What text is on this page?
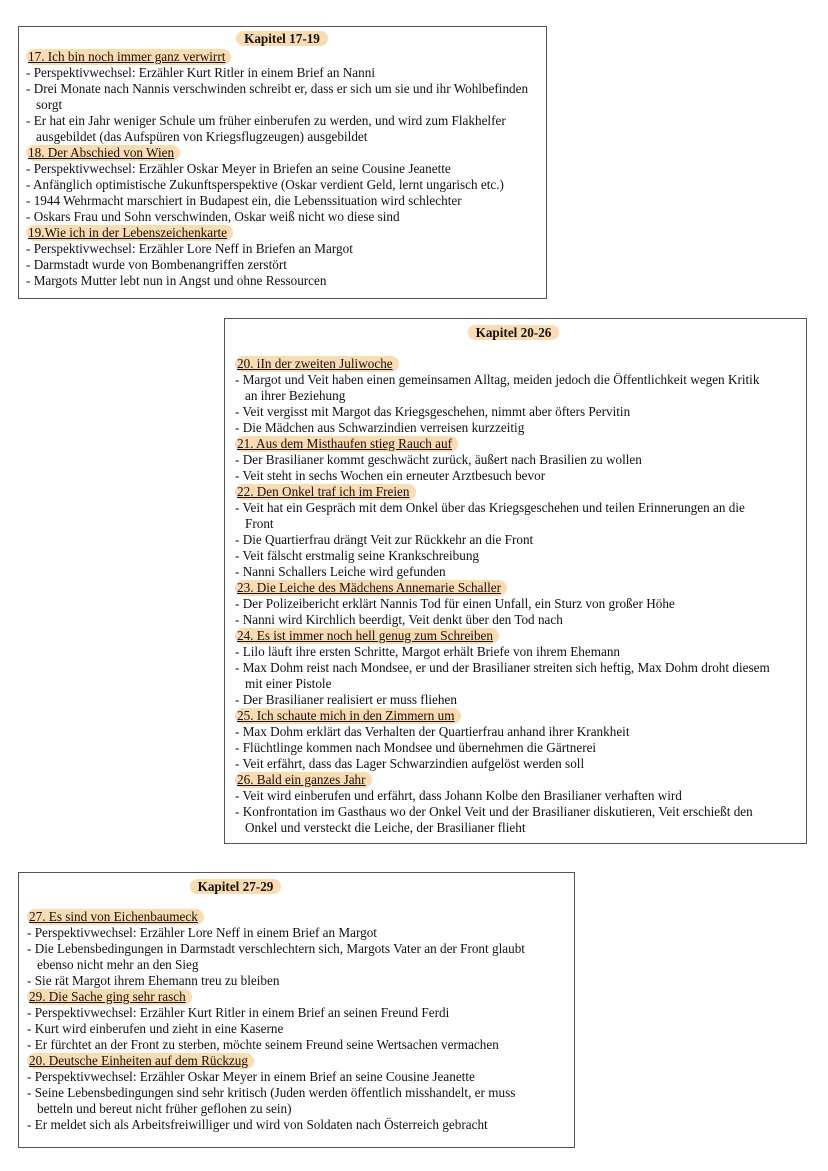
Kapitel 17-19
17. Ich bin noch immer ganz verwirrt
- Perspektivwechsel: Erzähler Kurt Ritler in einem Brief an Nanni
- Drei Monate nach Nannis verschwinden schreibt er, dass er sich um sie und ihr Wohlbefinden sorgt
- Er hat ein Jahr weniger Schule um früher einberufen zu werden, und wird zum Flakhelfer ausgebildet (das Aufspüren von Kriegsflugzeugen) ausgebildet
18. Der Abschied von Wien
- Perspektivwechsel: Erzähler Oskar Meyer in Briefen an seine Cousine Jeanette
- Anfänglich optimistische Zukunftsperspektive (Oskar verdient Geld, lernt ungarisch etc.)
- 1944 Wehrmacht marschiert in Budapest ein, die Lebenssituation wird schlechter
- Oskars Frau und Sohn verschwinden, Oskar weiß nicht wo diese sind
19.Wie ich in der Lebenszeichenkarte
- Perspektivwechsel: Erzähler Lore Neff in Briefen an Margot
- Darmstadt wurde von Bombenangriffen zerstört
- Margots Mutter lebt nun in Angst und ohne Ressourcen
Kapitel 20-26
20. iIn der zweiten Juliwoche
- Margot und Veit haben einen gemeinsamen Alltag, meiden jedoch die Öffentlichkeit wegen Kritik an ihrer Beziehung
- Veit vergisst mit Margot das Kriegsgeschehen, nimmt aber öfters Pervitin
- Die Mädchen aus Schwarzindien verreisen kurzzeitig
21. Aus dem Misthaufen stieg Rauch auf
- Der Brasilianer kommt geschwächt zurück, äußert nach Brasilien zu wollen
- Veit steht in sechs Wochen ein erneuter Arztbesuch bevor
22. Den Onkel traf ich im Freien
- Veit hat ein Gespräch mit dem Onkel über das Kriegsgeschehen und teilen Erinnerungen an die Front
- Die Quartierfrau drängt Veit zur Rückkehr an die Front
- Veit fälscht erstmalig seine Krankschreibung
- Nanni Schallers Leiche wird gefunden
23. Die Leiche des Mädchens Annemarie Schaller
- Der Polizeibericht erklärt Nannis Tod für einen Unfall, ein Sturz von großer Höhe
- Nanni wird Kirchlich beerdigt, Veit denkt über den Tod nach
24. Es ist immer noch hell genug zum Schreiben
- Lilo läuft ihre ersten Schritte, Margot erhält Briefe von ihrem Ehemann
- Max Dohm reist nach Mondsee, er und der Brasilianer streiten sich heftig, Max Dohm droht diesem mit einer Pistole
- Der Brasilianer realisiert er muss fliehen
25. Ich schaute mich in den Zimmern um
- Max Dohm erklärt das Verhalten der Quartierfrau anhand ihrer Krankheit
- Flüchtlinge kommen nach Mondsee und übernehmen die Gärtnerei
- Veit erfährt, dass das Lager Schwarzindien aufgelöst werden soll
26. Bald ein ganzes Jahr
- Veit wird einberufen und erfährt, dass Johann Kolbe den Brasilianer verhaften wird
- Konfrontation im Gasthaus wo der Onkel Veit und der Brasilianer diskutieren, Veit erschießt den Onkel und versteckt die Leiche, der Brasilianer flieht
Kapitel 27-29
27. Es sind von Eichenbaumeck
- Perspektivwechsel: Erzähler Lore Neff in einem Brief an Margot
- Die Lebensbedingungen in Darmstadt verschlechtern sich, Margots Vater an der Front glaubt ebenso nicht mehr an den Sieg
- Sie rät Margot ihrem Ehemann treu zu bleiben
29. Die Sache ging sehr rasch
- Perspektivwechsel: Erzähler Kurt Ritler in einem Brief an seinen Freund Ferdi
- Kurt wird einberufen und zieht in eine Kaserne
- Er fürchtet an der Front zu sterben, möchte seinem Freund seine Wertsachen vermachen
20. Deutsche Einheiten auf dem Rückzug
- Perspektivwechsel: Erzähler Oskar Meyer in einem Brief an seine Cousine Jeanette
- Seine Lebensbedingungen sind sehr kritisch (Juden werden öffentlich misshandelt, er muss betteln und bereut nicht früher geflohen zu sein)
- Er meldet sich als Arbeitsfreiwilliger und wird von Soldaten nach Österreich gebracht
